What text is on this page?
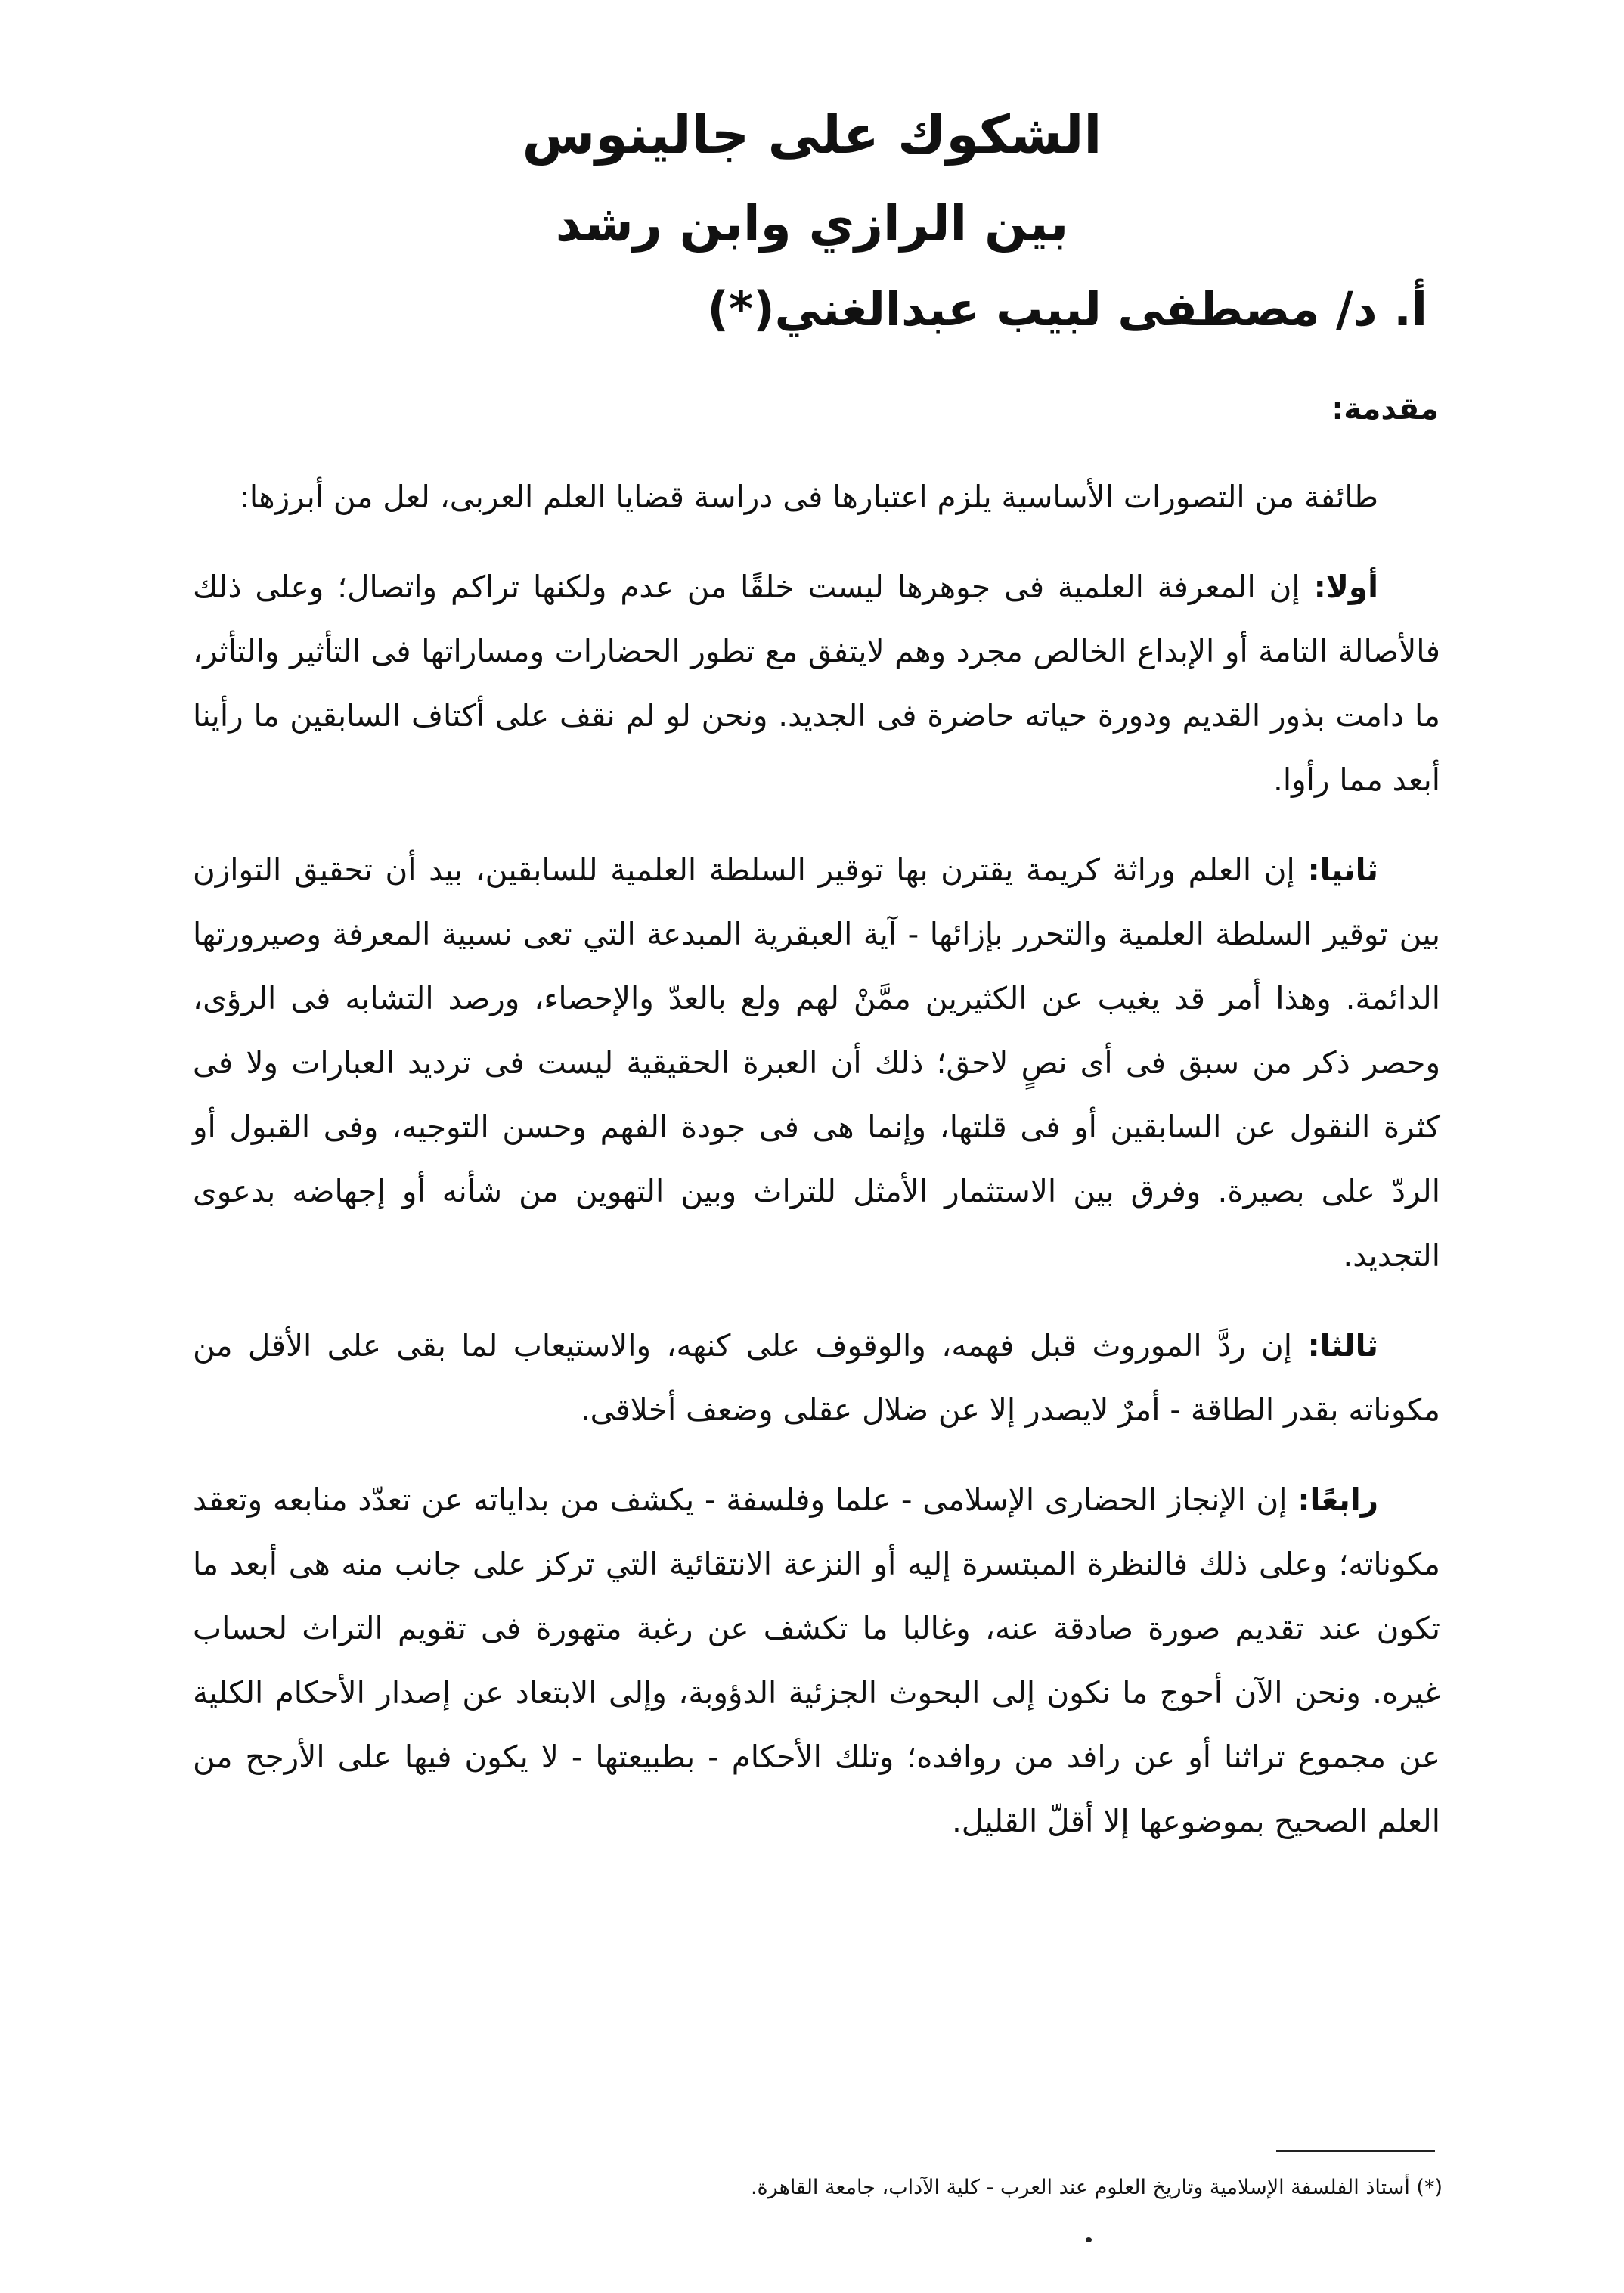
الشكوك على جالينوس
بين الرازي وابن رشد
أ. د/ مصطفى لبيب عبدالغني(*)
مقدمة:

طائفة من التصورات الأساسية يلزم اعتبارها فى دراسة قضايا العلم العربى، لعل من أبرزها:

أولا: إن المعرفة العلمية فى جوهرها ليست خلقًا من عدم ولكنها تراكم واتصال؛ وعلى ذلك فالأصالة التامة أو الإبداع الخالص مجرد وهم لايتفق مع تطور الحضارات ومساراتها فى التأثير والتأثر، ما دامت بذور القديم ودورة حياته حاضرة فى الجديد. ونحن لو لم نقف على أكتاف السابقين ما رأينا أبعد مما رأوا.

ثانيا: إن العلم وراثة كريمة يقترن بها توقير السلطة العلمية للسابقين، بيد أن تحقيق التوازن بين توقير السلطة العلمية والتحرر بإزائها - آية العبقرية المبدعة التي تعى نسبية المعرفة وصيرورتها الدائمة. وهذا أمر قد يغيب عن الكثيرين ممَّنْ لهم ولع بالعدّ والإحصاء، ورصد التشابه فى الرؤى، وحصر ذكر من سبق فى أى نصٍ لاحق؛ ذلك أن العبرة الحقيقية ليست فى ترديد العبارات ولا فى كثرة النقول عن السابقين أو فى قلتها، وإنما هى فى جودة الفهم وحسن التوجيه، وفى القبول أو الردّ على بصيرة. وفرق بين الاستثمار الأمثل للتراث وبين التهوين من شأنه أو إجهاضه بدعوى التجديد.

ثالثا: إن ردَّ الموروث قبل فهمه، والوقوف على كنهه، والاستيعاب لما بقى على الأقل من مكوناته بقدر الطاقة - أمرٌ لايصدر إلا عن ضلال عقلى وضعف أخلاقى.

رابعًا: إن الإنجاز الحضارى الإسلامى - علما وفلسفة - يكشف من بداياته عن تعدّد منابعه وتعقد مكوناته؛ وعلى ذلك فالنظرة المبتسرة إليه أو النزعة الانتقائية التي تركز على جانب منه هى أبعد ما تكون عند تقديم صورة صادقة عنه، وغالبا ما تكشف عن رغبة متهورة فى تقويم التراث لحساب غيره. ونحن الآن أحوج ما نكون إلى البحوث الجزئية الدؤوبة، وإلى الابتعاد عن إصدار الأحكام الكلية عن مجموع تراثنا أو عن رافد من روافده؛ وتلك الأحكام - بطبيعتها - لا يكون فيها على الأرجح من العلم الصحيح بموضوعها إلا أقلّ القليل.

(*) أستاذ الفلسفة الإسلامية وتاريخ العلوم عند العرب - كلية الآداب، جامعة القاهرة.
